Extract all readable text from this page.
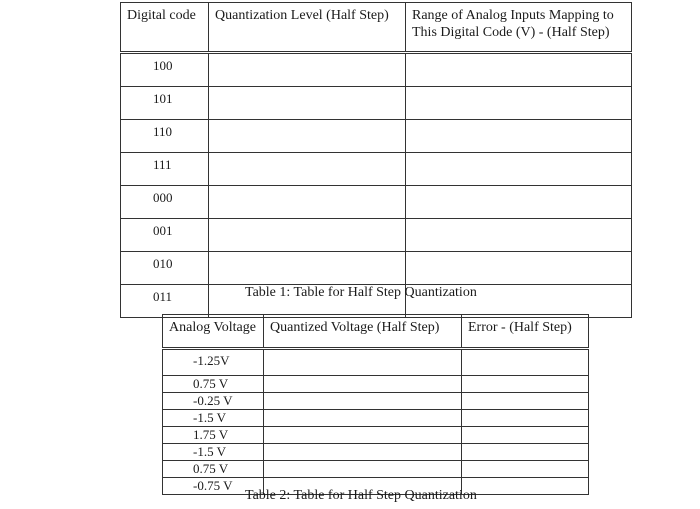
Digital code	Quantization Level (Half Step)	Range of Analog Inputs Mapping to
This Digital Code (V) - (Half Step)

100		
101		
110		
111		
000		
001		
010		
011			Table 1: Table for Half Step Quantization
Analog Voltage	Quantized Voltage (Half Step)	Error - (Half Step)
-1.25V		
0.75 V		
-0.25 V		
-1.5 V		
1.75 V		
-1.5 V		
0.75 V		
-0.75 V		
Table 2: Table for Half Step Quantization
